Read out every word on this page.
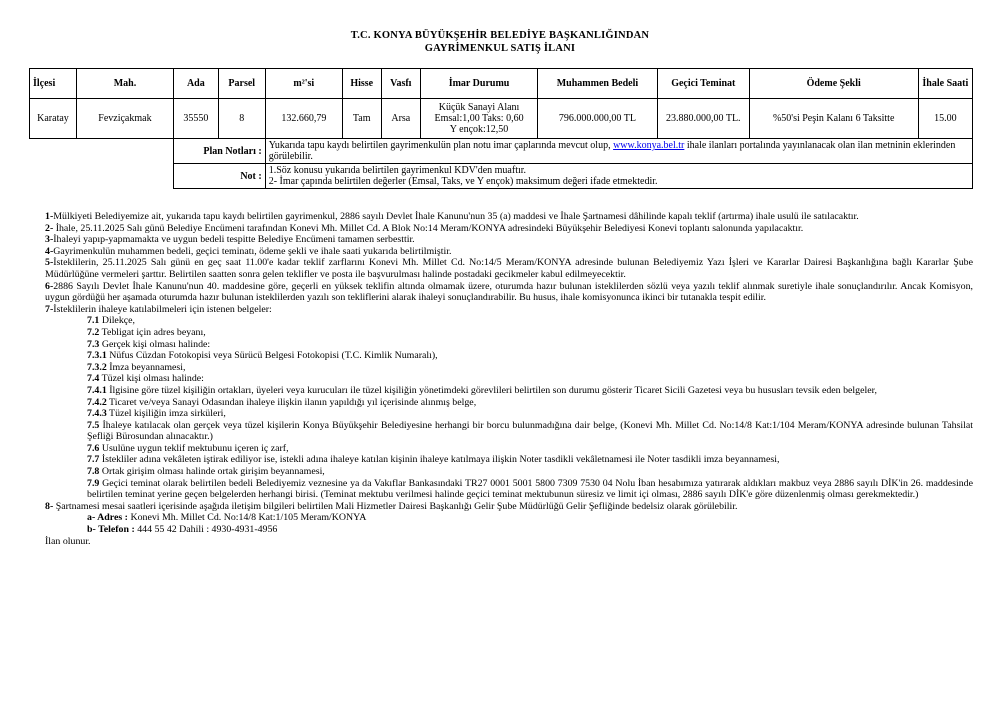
T.C. KONYA BÜYÜKŞEHİR BELEDİYE BAŞKANLIĞINDAN
GAYRİMENKUL SATIŞ İLANI
İlçesi	Mah.	Ada	Parsel	m²'si	Hisse	Vasfı	İmar Durumu	Muhammen Bedeli	Geçici Teminat	Ödeme Şekli	İhale Saati
Karatay	Fevziçakmak	35550	8	132.660,79	Tam	Arsa	Küçük Sanayi Alanı
Emsal:1,00 Taks: 0,60
Y ençok:12,50	796.000.000,00 TL	23.880.000,00 TL.	%50'si Peşin Kalanı 6 Taksitte	15.00
		Plan Notları :		Yukarıda tapu kaydı belirtilen gayrimenkulün plan notu imar çaplarında mevcut olup, www.konya.bel.tr ihale ilanları portalında yayınlanacak olan ilan metninin eklerinden görülebilir.							
		Not :		1.Söz konusu yukarıda belirtilen gayrimenkul KDV'den muaftır.
2- İmar çapında belirtilen değerler (Emsal, Taks, ve Y ençok) maksimum değeri ifade etmektedir.							

1-Mülkiyeti Belediyemize ait, yukarıda tapu kaydı belirtilen gayrimenkul, 2886 sayılı Devlet İhale Kanunu'nun 35 (a) maddesi ve İhale Şartnamesi dâhilinde kapalı teklif (artırma) ihale usulü ile satılacaktır.

2- İhale, 25.11.2025 Salı günü Belediye Encümeni tarafından Konevi Mh. Millet Cd. A Blok No:14 Meram/KONYA adresindeki Büyükşehir Belediyesi Konevi toplantı salonunda yapılacaktır.

3-İhaleyi yapıp-yapmamakta ve uygun bedeli tespitte Belediye Encümeni tamamen serbesttir.

4-Gayrimenkulün muhammen bedeli, geçici teminatı, ödeme şekli ve ihale saati yukarıda belirtilmiştir.

5-İsteklilerin, 25.11.2025 Salı günü en geç saat 11.00'e kadar teklif zarflarını Konevi Mh. Millet Cd. No:14/5 Meram/KONYA adresinde bulunan Belediyemiz Yazı İşleri ve Kararlar Dairesi Başkanlığına bağlı Kararlar Şube Müdürlüğüne vermeleri şarttır. Belirtilen saatten sonra gelen teklifler ve posta ile başvurulması halinde postadaki gecikmeler kabul edilmeyecektir.

6-2886 Sayılı Devlet İhale Kanunu'nun 40. maddesine göre, geçerli en yüksek teklifin altında olmamak üzere, oturumda hazır bulunan isteklilerden sözlü veya yazılı teklif alınmak suretiyle ihale sonuçlandırılır. Ancak Komisyon, uygun gördüğü her aşamada oturumda hazır bulunan isteklilerden yazılı son tekliflerini alarak ihaleyi sonuçlandırabilir. Bu husus, ihale komisyonunca ikinci bir tutanakla tespit edilir.

7-İsteklilerin ihaleye katılabilmeleri için istenen belgeler:

7.1 Dilekçe,

7.2 Tebligat için adres beyanı,

7.3 Gerçek kişi olması halinde:

7.3.1 Nüfus Cüzdan Fotokopisi veya Sürücü Belgesi Fotokopisi (T.C. Kimlik Numaralı),

7.3.2 İmza beyannamesi,

7.4 Tüzel kişi olması halinde:

7.4.1 İlgisine göre tüzel kişiliğin ortakları, üyeleri veya kurucuları ile tüzel kişiliğin yönetimdeki görevlileri belirtilen son durumu gösterir Ticaret Sicili Gazetesi veya bu hususları tevsik eden belgeler,

7.4.2 Ticaret ve/veya Sanayi Odasından ihaleye ilişkin ilanın yapıldığı yıl içerisinde alınmış belge,

7.4.3 Tüzel kişiliğin imza sirküleri,

7.5 İhaleye katılacak olan gerçek veya tüzel kişilerin Konya Büyükşehir Belediyesine herhangi bir borcu bulunmadığına dair belge, (Konevi Mh. Millet Cd. No:14/8 Kat:1/104 Meram/KONYA adresinde bulunan Tahsilat Şefliği Bürosundan alınacaktır.)

7.6 Usulüne uygun teklif mektubunu içeren iç zarf,

7.7 İstekliler adına vekâleten iştirak ediliyor ise, istekli adına ihaleye katılan kişinin ihaleye katılmaya ilişkin Noter tasdikli vekâletnamesi ile Noter tasdikli imza beyannamesi,

7.8 Ortak girişim olması halinde ortak girişim beyannamesi,

7.9 Geçici teminat olarak belirtilen bedeli Belediyemiz veznesine ya da Vakıflar Bankasındaki TR27 0001 5001 5800 7309 7530 04 Nolu İban hesabımıza yatırarak aldıkları makbuz veya 2886 sayılı DİK'in 26. maddesinde belirtilen teminat yerine geçen belgelerden herhangi birisi. (Teminat mektubu verilmesi halinde geçici teminat mektubunun süresiz ve limit içi olması, 2886 sayılı DİK'e göre düzenlenmiş olması gerekmektedir.)

8- Şartnamesi mesai saatleri içerisinde aşağıda iletişim bilgileri belirtilen Mali Hizmetler Dairesi Başkanlığı Gelir Şube Müdürlüğü Gelir Şefliğinde bedelsiz olarak görülebilir.

a- Adres : Konevi Mh. Millet Cd. No:14/8 Kat:1/105 Meram/KONYA

b- Telefon : 444 55 42 Dahili : 4930-4931-4956

İlan olunur.
